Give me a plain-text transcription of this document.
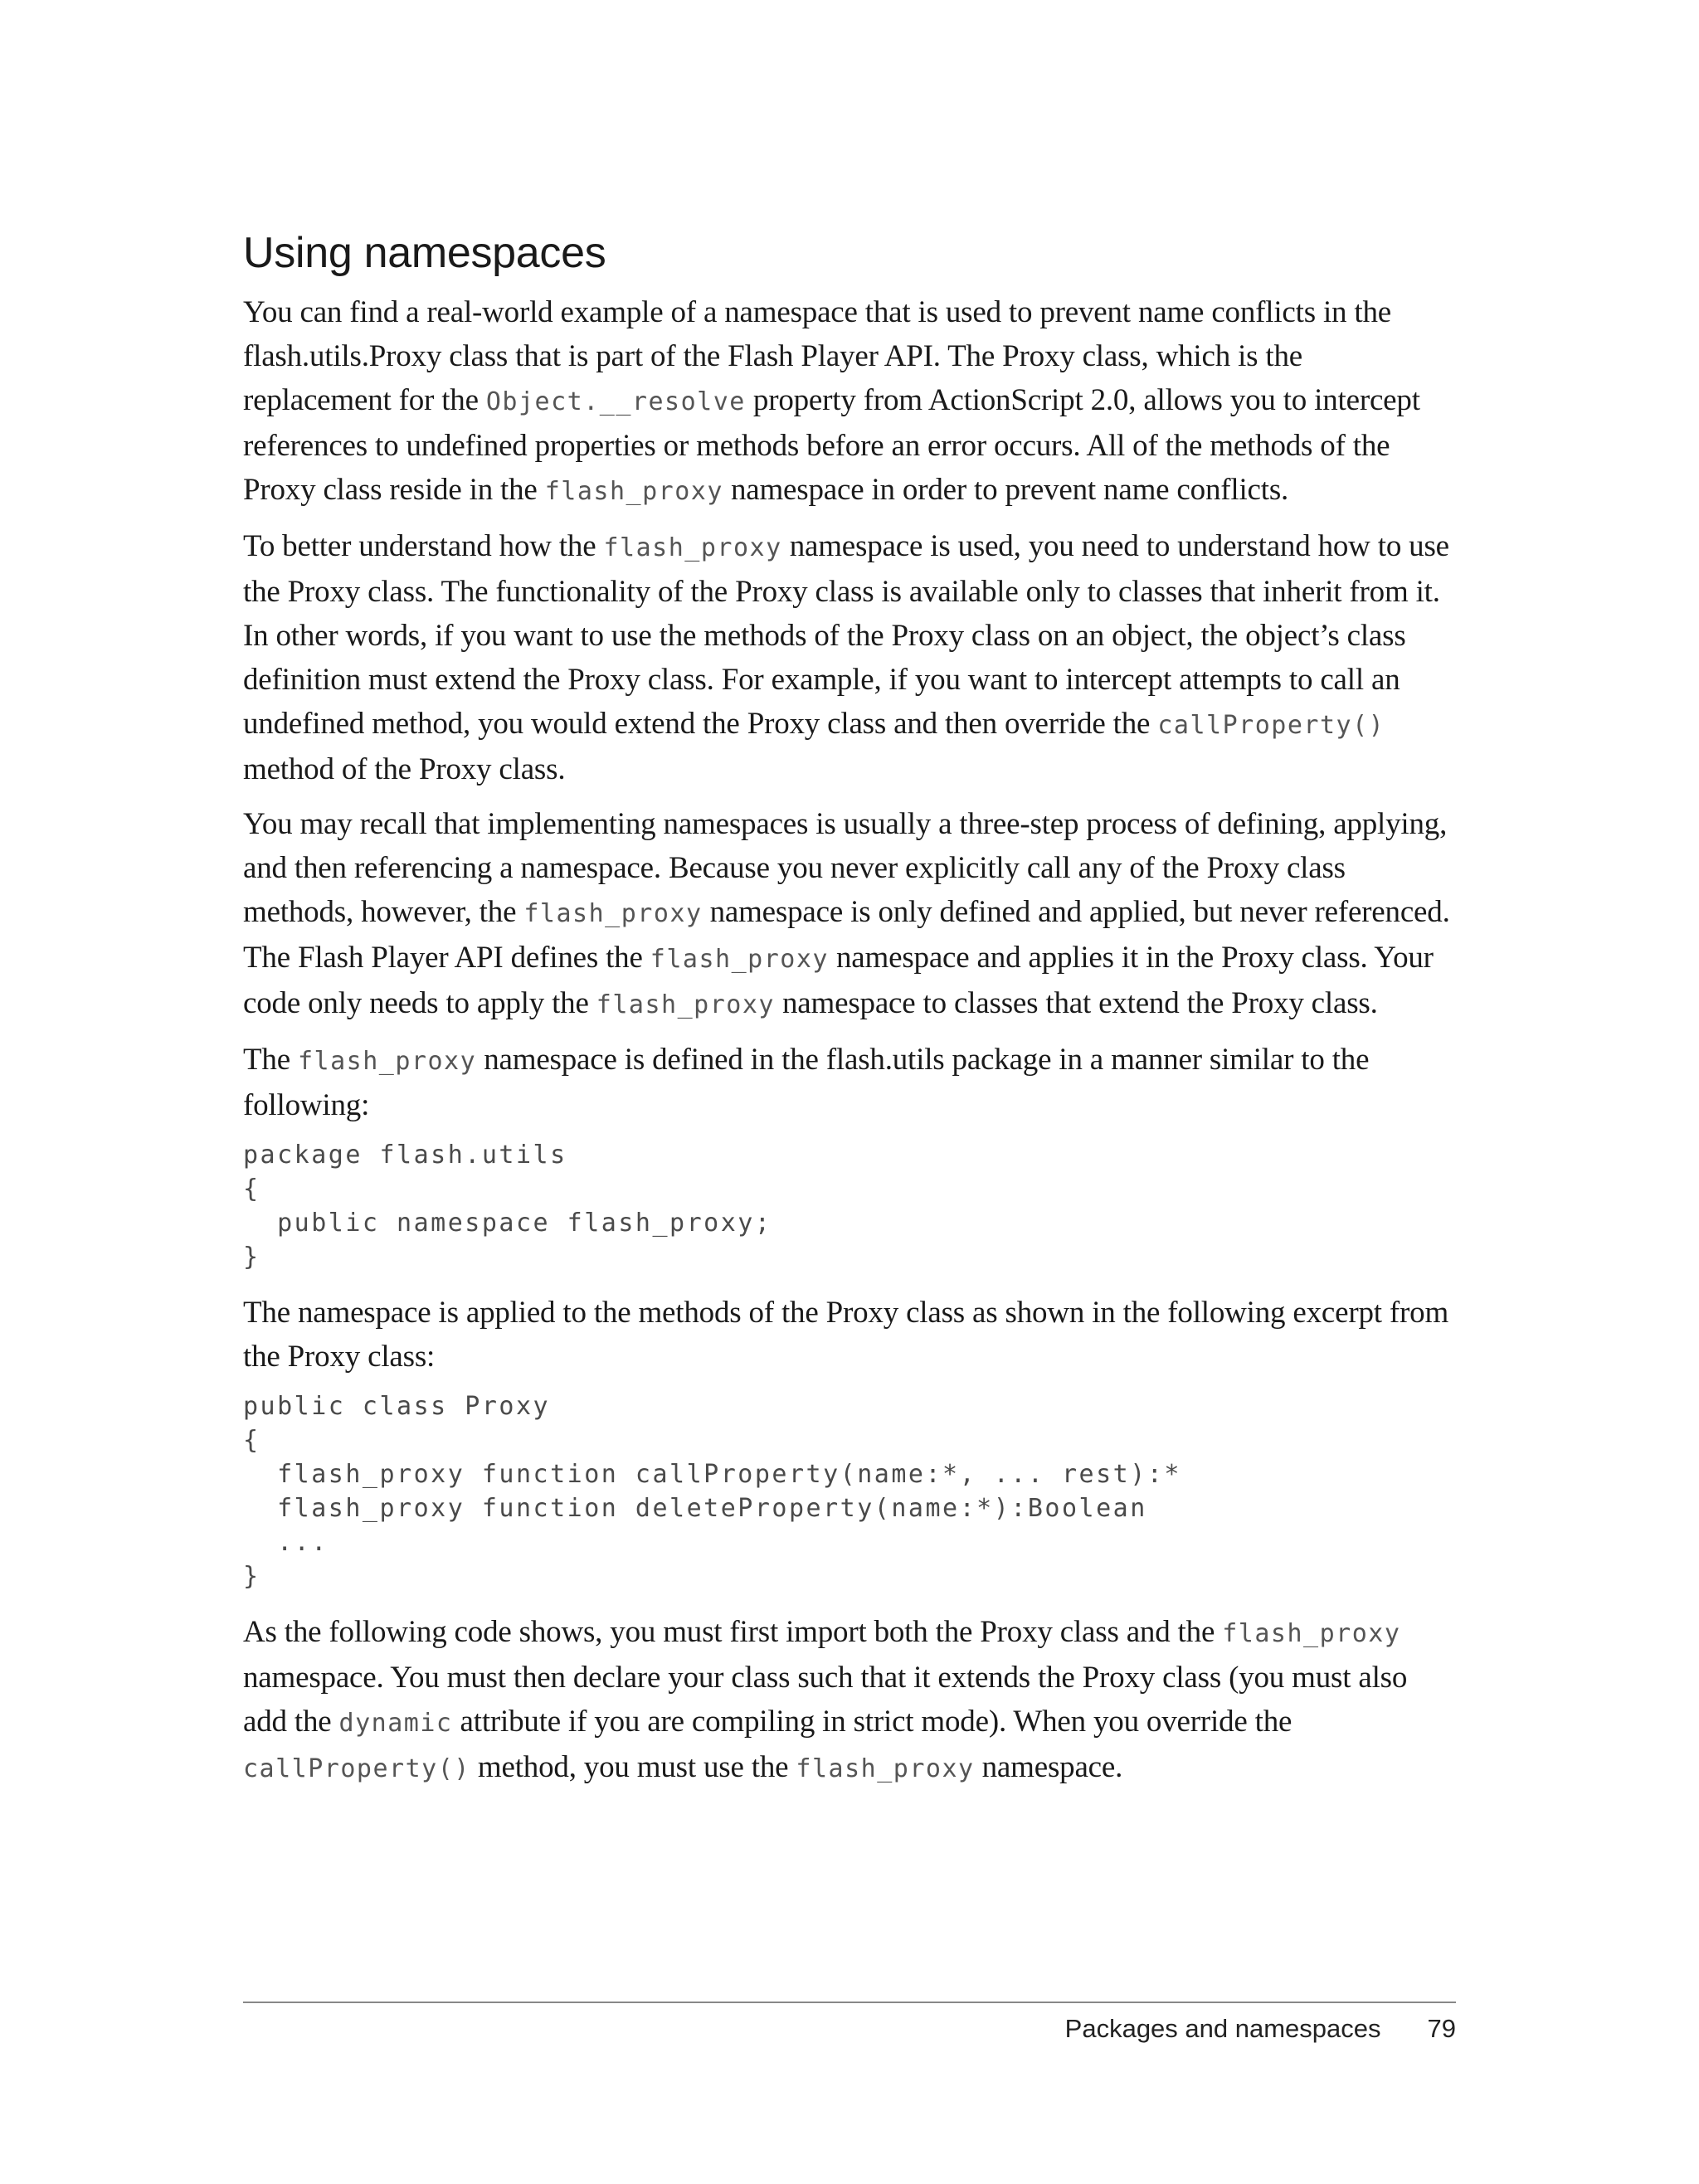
Using namespaces

You can find a real-world example of a namespace that is used to prevent name conflicts in the flash.utils.Proxy class that is part of the Flash Player API. The Proxy class, which is the replacement for the Object.__resolve property from ActionScript 2.0, allows you to intercept references to undefined properties or methods before an error occurs. All of the methods of the Proxy class reside in the flash_proxy namespace in order to prevent name conflicts.

To better understand how the flash_proxy namespace is used, you need to understand how to use the Proxy class. The functionality of the Proxy class is available only to classes that inherit from it. In other words, if you want to use the methods of the Proxy class on an object, the object’s class definition must extend the Proxy class. For example, if you want to intercept attempts to call an undefined method, you would extend the Proxy class and then override the callProperty() method of the Proxy class.

You may recall that implementing namespaces is usually a three-step process of defining, applying, and then referencing a namespace. Because you never explicitly call any of the Proxy class methods, however, the flash_proxy namespace is only defined and applied, but never referenced. The Flash Player API defines the flash_proxy namespace and applies it in the Proxy class. Your code only needs to apply the flash_proxy namespace to classes that extend the Proxy class.

The flash_proxy namespace is defined in the flash.utils package in a manner similar to the following:

package flash.utils
{
public namespace flash_proxy;
}

The namespace is applied to the methods of the Proxy class as shown in the following excerpt from the Proxy class:

public class Proxy
{
flash_proxy function callProperty(name:*, ... rest):*
flash_proxy function deleteProperty(name:*):Boolean
...
}

As the following code shows, you must first import both the Proxy class and the flash_proxy namespace. You must then declare your class such that it extends the Proxy class (you must also add the dynamic attribute if you are compiling in strict mode). When you override the callProperty() method, you must use the flash_proxy namespace.

Packages and namespaces 79
